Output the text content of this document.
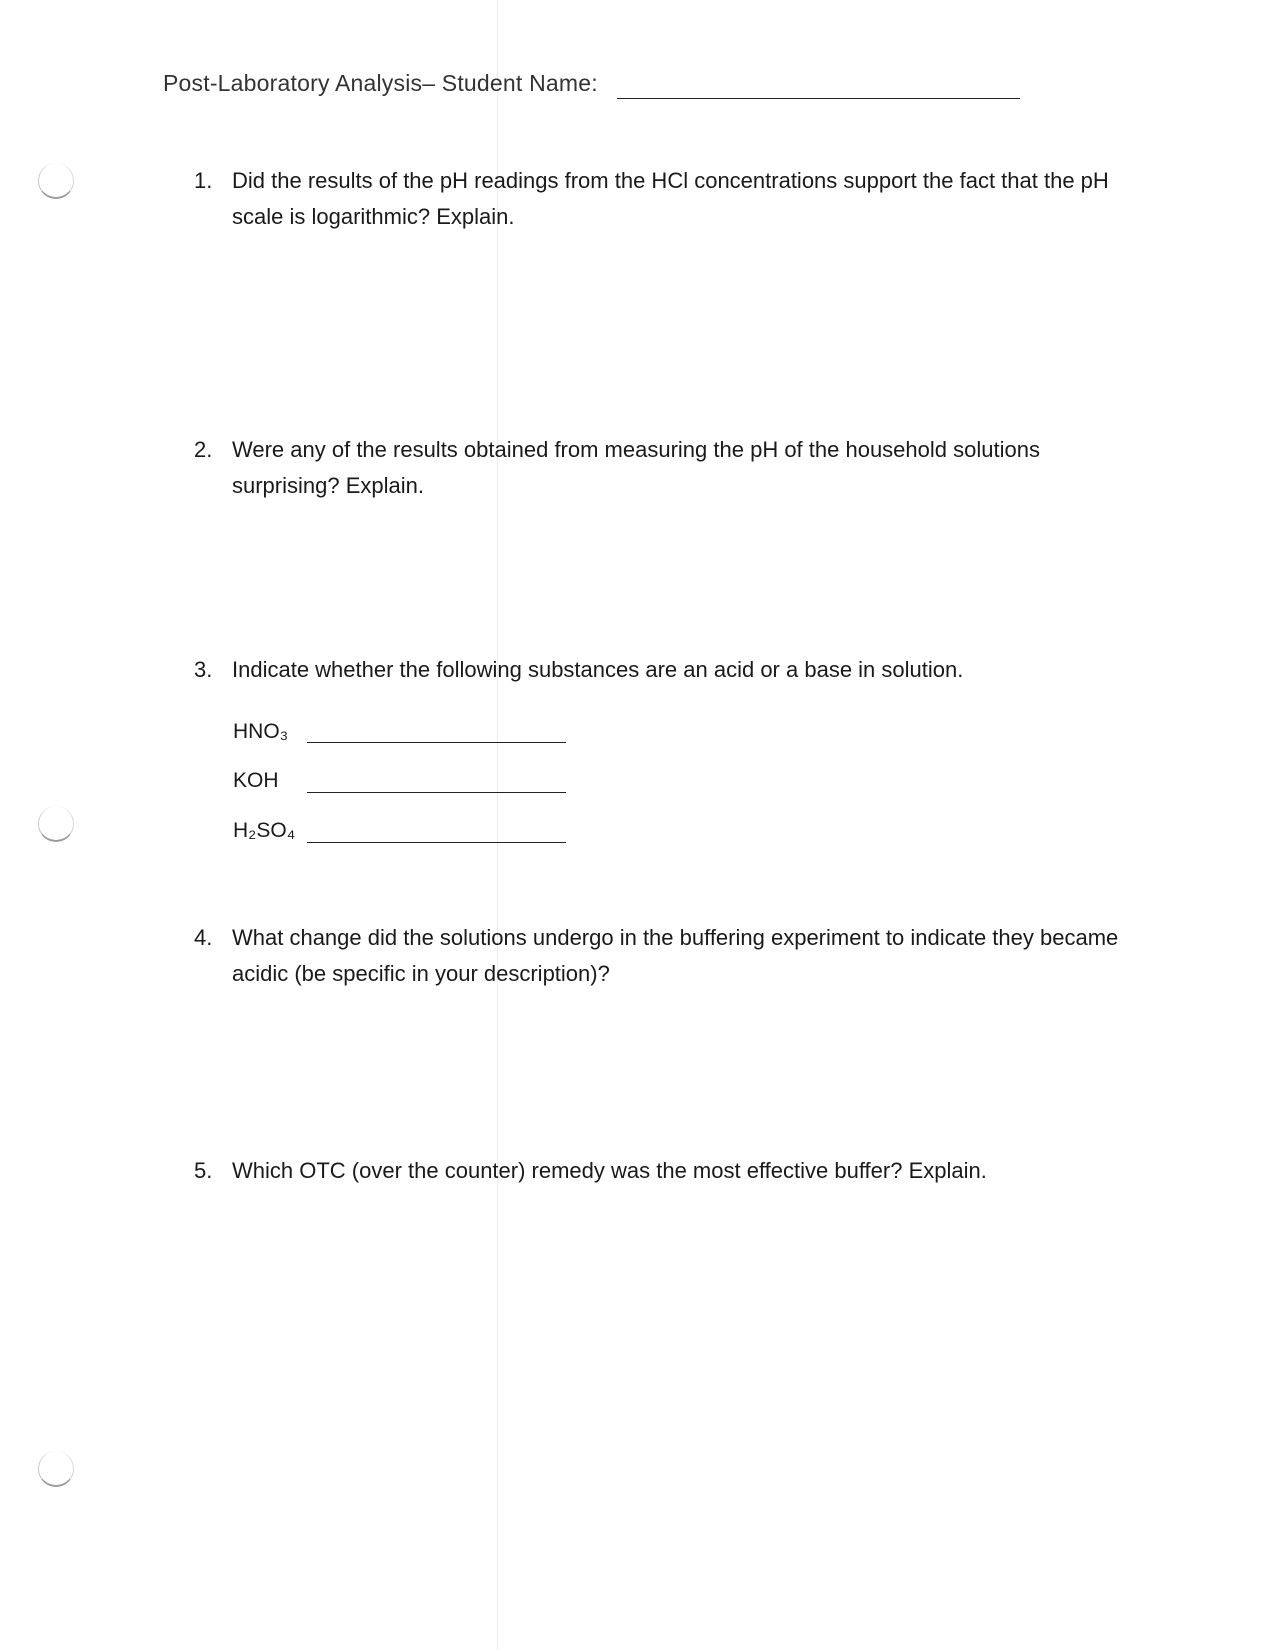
Post-Laboratory Analysis– Student Name:
1. Did the results of the pH readings from the HCl concentrations support the fact that the pH scale is logarithmic? Explain.
2. Were any of the results obtained from measuring the pH of the household solutions surprising? Explain.
3. Indicate whether the following substances are an acid or a base in solution.
HNO₃
KOH
H₂SO₄
4. What change did the solutions undergo in the buffering experiment to indicate they became acidic (be specific in your description)?
5. Which OTC (over the counter) remedy was the most effective buffer? Explain.
